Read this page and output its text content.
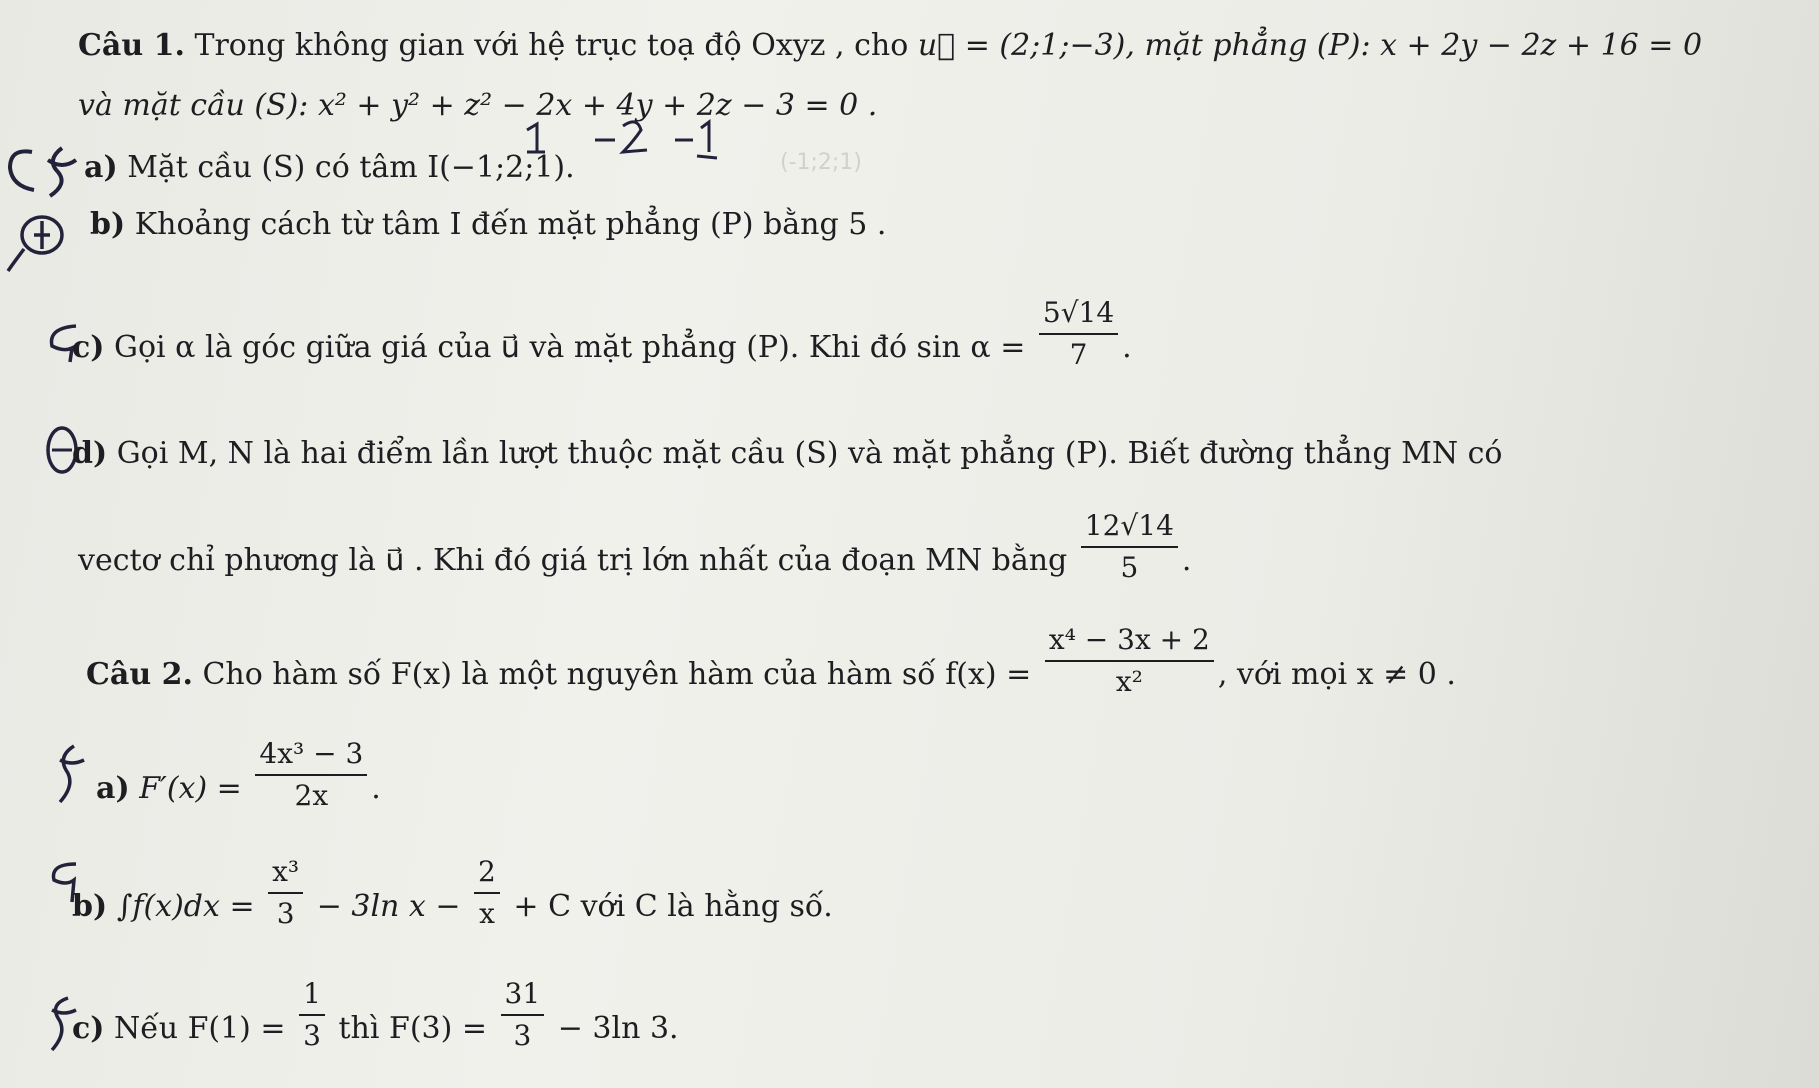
(-1;2;1)
Câu 1. Trong không gian với hệ trục toạ độ Oxyz , cho u⃗ = (2;1;−3), mặt phẳng (P): x + 2y − 2z + 16 = 0
và mặt cầu (S): x² + y² + z² − 2x + 4y + 2z − 3 = 0 .
a) Mặt cầu (S) có tâm I(−1;2;1).
b) Khoảng cách từ tâm I đến mặt phẳng (P) bằng 5 .
c) Gọi α là góc giữa giá của u⃗ và mặt phẳng (P). Khi đó $\sin \alpha = \frac{5√14}{7}$ .
d) Gọi M, N là hai điểm lần lượt thuộc mặt cầu (S) và mặt phẳng (P). Biết đường thẳng MN có
vectơ chỉ phương là u⃗ . Khi đó giá trị lớn nhất của đoạn MN bằng $\frac{12√14}{5}$ .
Câu 2. Cho hàm số F(x) là một nguyên hàm của hàm số $f(x) = \frac{\text{x⁴ − 3x + 2}}{\text{x²}}$ , với mọi x ≠ 0 .
a) $F'(x) = \frac{\text{4x³ − 3}}{2x}$ .
b) $\int f(x)dx = \frac{\text{x³}}{3} - 3\ln$ $x - \frac{2}{x} + C$ với C là hằng số.
c) Nếu $F(1) = \frac{1}{3}$ thì $F(3) = \frac{31}{3} - 3\ln$ 3.
